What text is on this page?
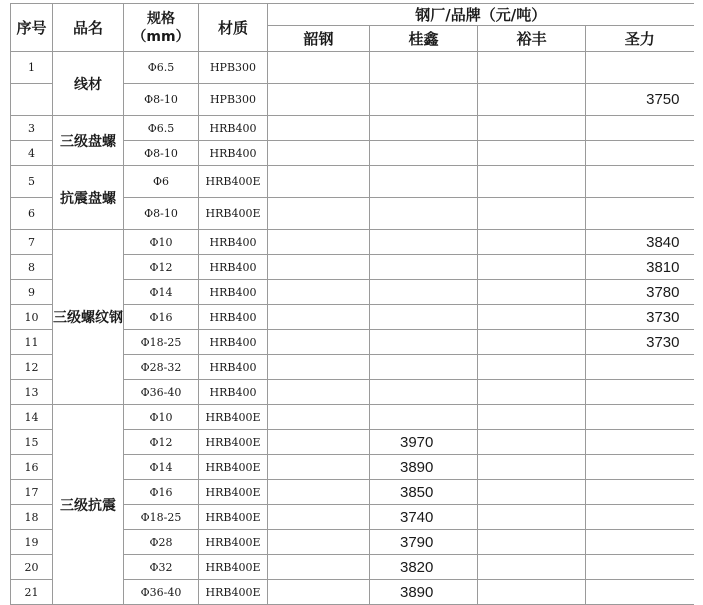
序号	品名	规格
（mm）	材质	钢厂/品牌（元/吨）			
				韶钢	桂鑫	裕丰	圣力
1	线材	Φ6.5	HPB300				
		Φ8-10	HPB300				3750
3	三级盘螺	Φ6.5	HRB400				
4		Φ8-10	HRB400				
5	抗震盘螺	Φ6	HRB400E				
6		Φ8-10	HRB400E				
7	三级螺纹钢	Φ10	HRB400				3840
8		Φ12	HRB400				3810
9		Φ14	HRB400				3780
10		Φ16	HRB400				3730
11		Φ18-25	HRB400				3730
12		Φ28-32	HRB400				
13		Φ36-40	HRB400				
14	三级抗震	Φ10	HRB400E				
15		Φ12	HRB400E		3970		
16		Φ14	HRB400E		3890		
17		Φ16	HRB400E		3850		
18		Φ18-25	HRB400E		3740		
19		Φ28	HRB400E		3790		
20		Φ32	HRB400E		3820		
21		Φ36-40	HRB400E		3890		
